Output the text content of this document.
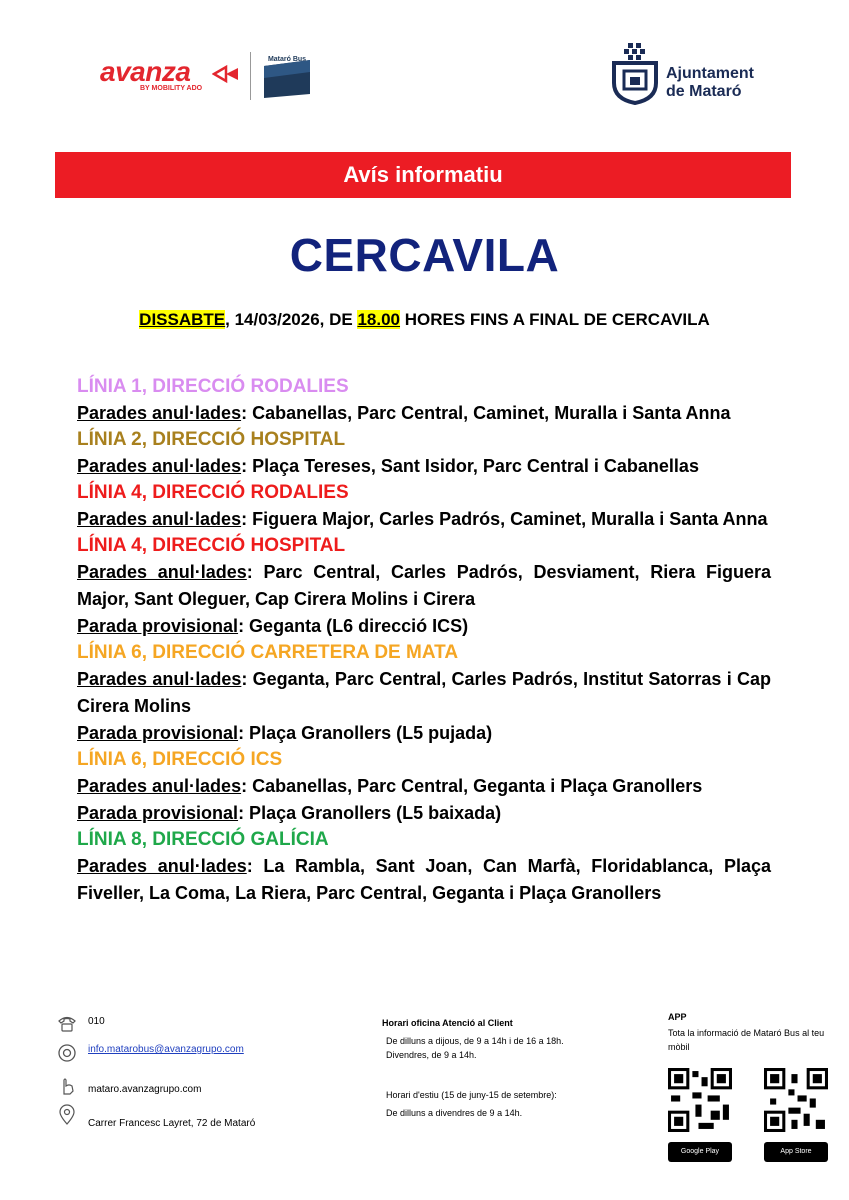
avanza
BY MOBILITY ADO
Mataró Bus
Ajuntament
de Mataró
Avís informatiu
CERCAVILA
DISSABTE, 14/03/2026, DE 18.00 HORES FINS A FINAL DE CERCAVILA
LÍNIA 1, DIRECCIÓ RODALIES
Parades anul·lades: Cabanellas, Parc Central, Caminet, Muralla i Santa Anna
LÍNIA 2, DIRECCIÓ HOSPITAL
Parades anul·lades: Plaça Tereses, Sant Isidor, Parc Central i Cabanellas
LÍNIA 4, DIRECCIÓ RODALIES
Parades anul·lades: Figuera Major, Carles Padrós, Caminet, Muralla i Santa Anna
LÍNIA 4, DIRECCIÓ HOSPITAL
Parades anul·lades: Parc Central, Carles Padrós, Desviament, Riera Figuera Major, Sant Oleguer, Cap Cirera Molins i Cirera
Parada provisional: Geganta (L6 direcció ICS)
LÍNIA 6, DIRECCIÓ CARRETERA DE MATA
Parades anul·lades: Geganta, Parc Central, Carles Padrós, Institut Satorras i Cap Cirera Molins
Parada provisional: Plaça Granollers (L5 pujada)
LÍNIA 6, DIRECCIÓ ICS
Parades anul·lades: Cabanellas, Parc Central, Geganta i Plaça Granollers
Parada provisional: Plaça Granollers (L5 baixada)
LÍNIA 8, DIRECCIÓ GALÍCIA
Parades anul·lades: La Rambla, Sant Joan, Can Marfà, Floridablanca, Plaça Fiveller, La Coma, La Riera, Parc Central, Geganta i Plaça Granollers
010
info.matarobus@avanzagrupo.com
mataro.avanzagrupo.com
Carrer Francesc Layret, 72 de Mataró
Horari oficina Atenció al Client
De dilluns a dijous, de 9 a 14h i de 16 a 18h. Divendres, de 9 a 14h.
Horari d'estiu (15 de juny-15 de setembre):
De dilluns a divendres de 9 a 14h.
APP
Tota la informació de Mataró Bus al teu mòbil
Google Play	App Store
